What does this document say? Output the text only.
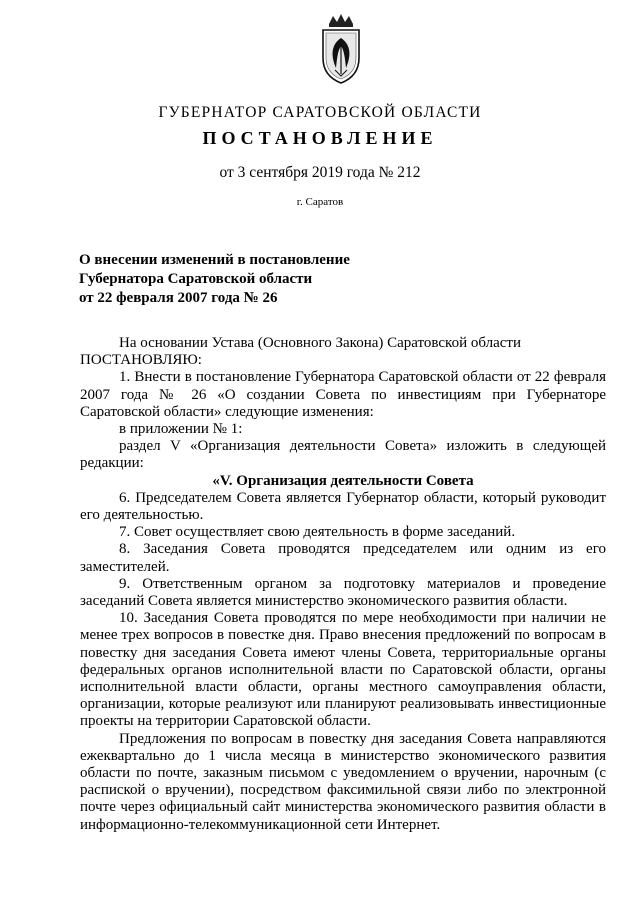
ГУБЕРНАТОР САРАТОВСКОЙ ОБЛАСТИ
ПОСТАНОВЛЕНИЕ
от 3 сентября 2019 года № 212
г. Саратов
О внесении изменений в постановление
Губернатора Саратовской области
от 22 февраля 2007 года № 26

На основании Устава (Основного Закона) Саратовской области

ПОСТАНОВЛЯЮ:

1. Внести в постановление Губернатора Саратовской области от 22 февраля 2007 года № 26 «О создании Совета по инвестициям при Губернаторе Саратовской области» следующие изменения:

в приложении № 1:

раздел V «Организация деятельности Совета» изложить в следующей редакции:

«V. Организация деятельности Совета

6. Председателем Совета является Губернатор области, который руководит его деятельностью.

7. Совет осуществляет свою деятельность в форме заседаний.

8. Заседания Совета проводятся председателем или одним из его заместителей.

9. Ответственным органом за подготовку материалов и проведение заседаний Совета является министерство экономического развития области.

10. Заседания Совета проводятся по мере необходимости при наличии не менее трех вопросов в повестке дня. Право внесения предложений по вопросам в повестку дня заседания Совета имеют члены Совета, территориальные органы федеральных органов исполнительной власти по Саратовской области, органы исполнительной власти области, органы местного самоуправления области, организации, которые реализуют или планируют реализовывать инвестиционные проекты на территории Саратовской области.

Предложения по вопросам в повестку дня заседания Совета направляются ежеквартально до 1 числа месяца в министерство экономического развития области по почте, заказным письмом с уведомлением о вручении, нарочным (с распиской о вручении), посредством факсимильной связи либо по электронной почте через официальный сайт министерства экономического развития области в информационно-телекоммуникационной сети Интернет.
